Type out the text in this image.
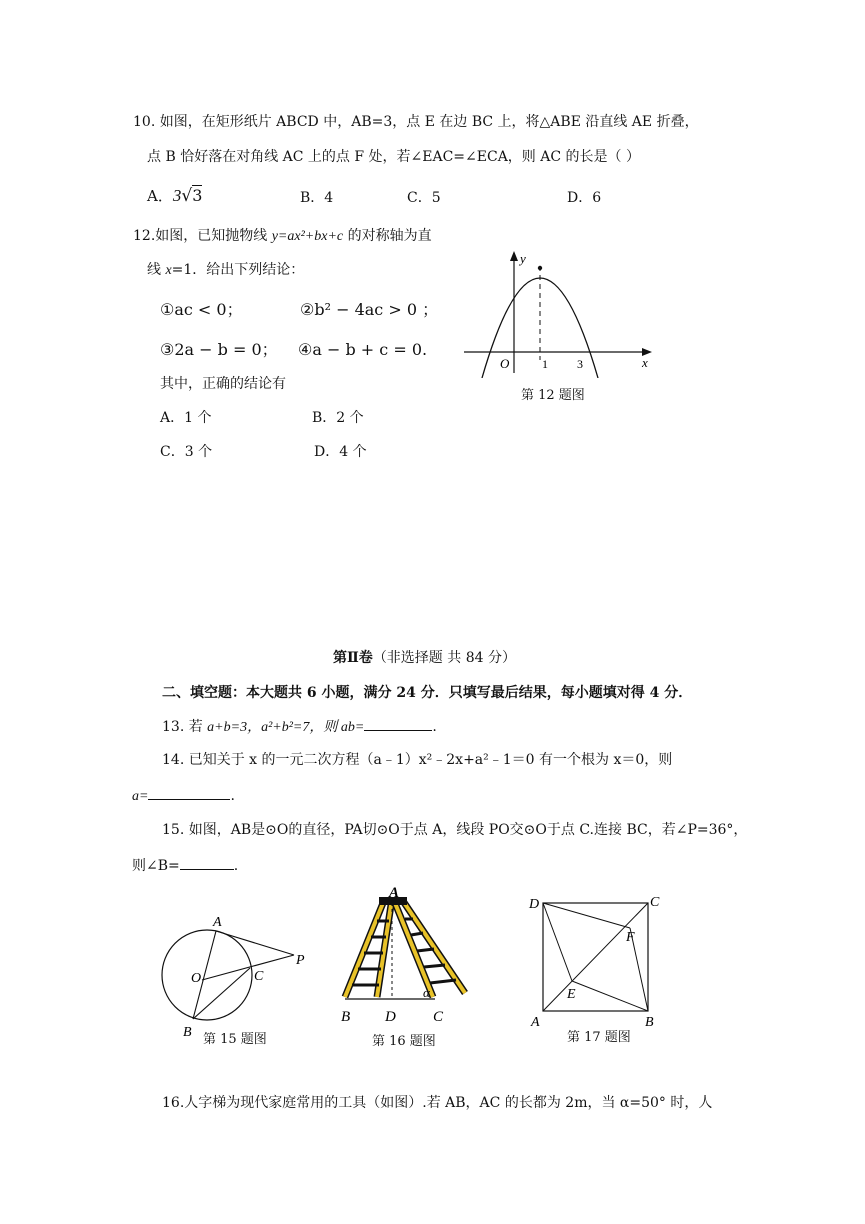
10. 如图，在矩形纸片 ABCD 中，AB=3，点 E 在边 BC 上，将△ABE 沿直线 AE 折叠，
点 B 恰好落在对角线 AC 上的点 F 处，若∠EAC=∠ECA，则 AC 的长是（ ）
A．3√3	B．4	C．5	D．6
12.如图，已知抛物线 y=ax²+bx+c 的对称轴为直
线 x=1．给出下列结论：
①ac < 0；	②b² − 4ac > 0 ；
③2a − b = 0； ④a − b + c = 0.
其中，正确的结论有
A．1 个	B．2 个
C．3 个	D．4 个
y
x
O	1 3
第 12 题图
第Ⅱ卷（非选择题 共 84 分）
二、填空题：本大题共 6 小题，满分 24 分．只填写最后结果，每小题填对得 4 分．
13. 若 a+b=3，a²+b²=7，则 ab=	.
14. 已知关于 x 的一元二次方程（a﹣1）x²﹣2x+a²﹣1＝0 有一个根为 x＝0，则
a=	.
15. 如图，AB是⊙O的直径，PA切⊙O于点 A，线段 PO交⊙O于点 C.连接 BC，若∠P=36°，
则∠B=	.
A
O	C
P
B 第 15 题图
A
α
B D C
第 16 题图
D	C
F
E
A	B
第 17 题图
16.人字梯为现代家庭常用的工具（如图）.若 AB，AC 的长都为 2m，当 α=50° 时，人
